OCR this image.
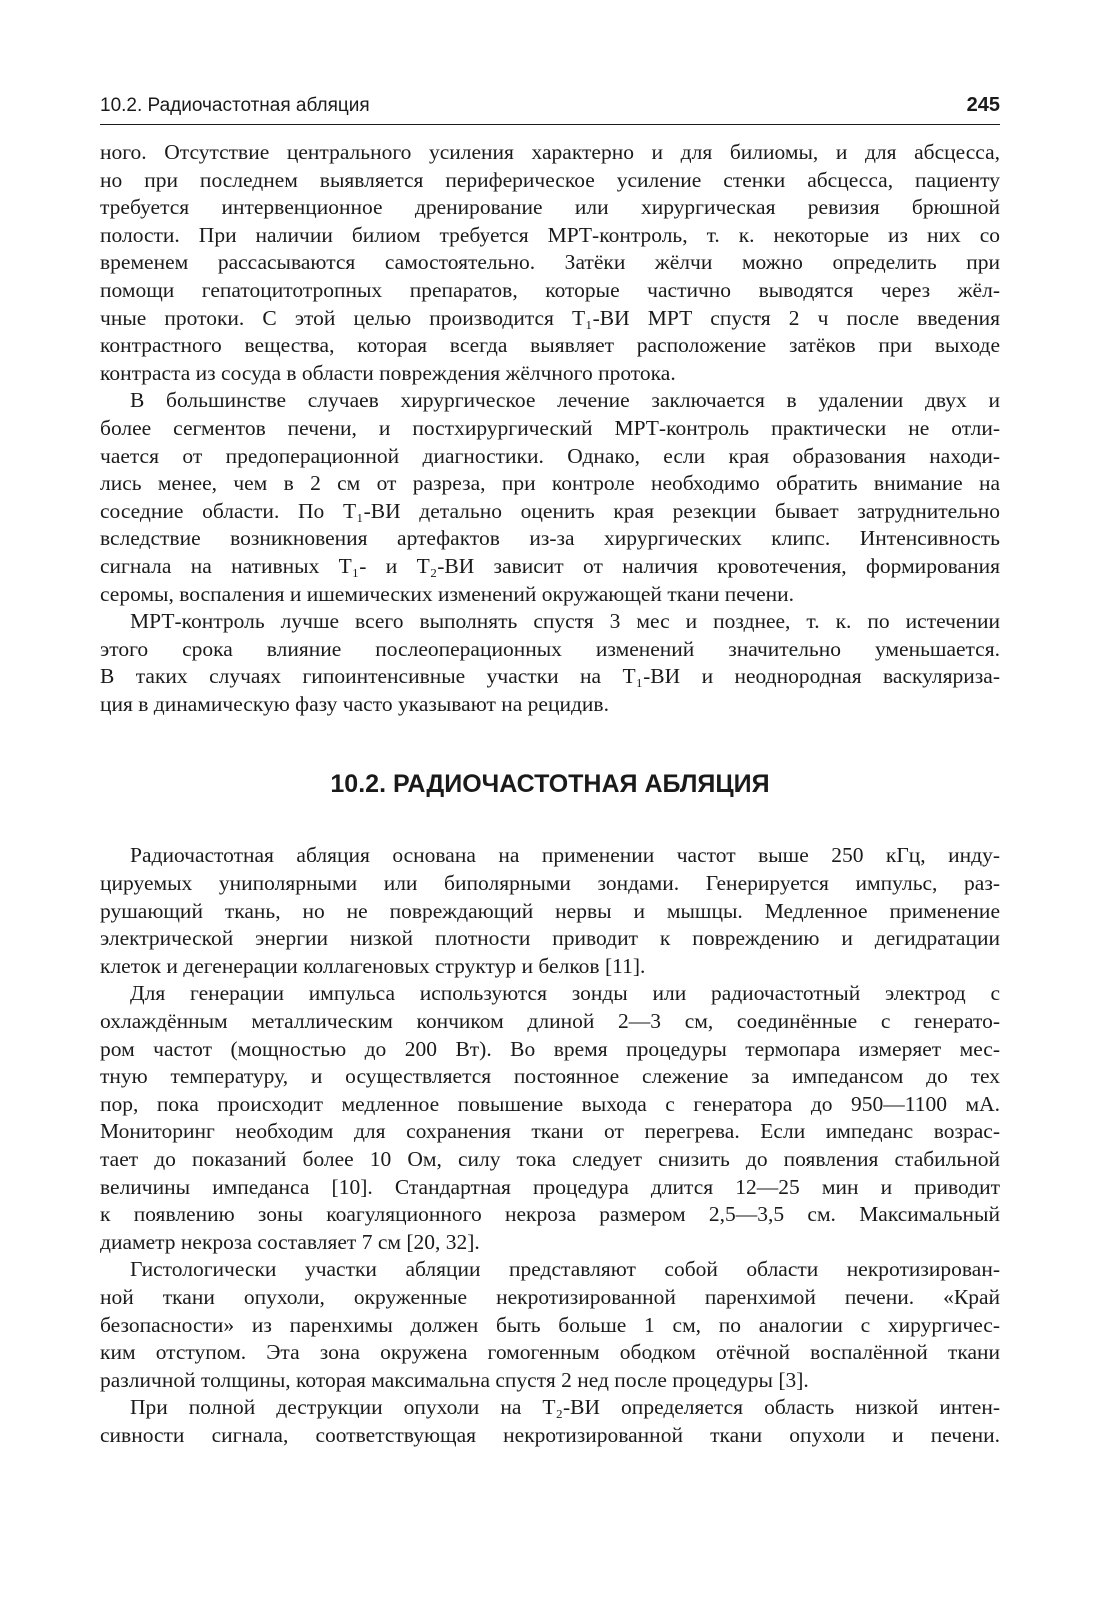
10.2. Радиочастотная абляция	245
ного. Отсутствие центрального усиления характерно и для билиомы, и для абсцесса,
но при последнем выявляется периферическое усиление стенки абсцесса, пациенту
требуется интервенционное дренирование или хирургическая ревизия брюшной
полости. При наличии билиом требуется МРТ-контроль, т. к. некоторые из них со
временем рассасываются самостоятельно. Затёки жёлчи можно определить при
помощи гепатоцитотропных препаратов, которые частично выводятся через жёл-
чные протоки. С этой целью производится T₁-ВИ МРТ спустя 2 ч после введения
контрастного вещества, которая всегда выявляет расположение затёков при выходе
контраста из сосуда в области повреждения жёлчного протока.
В большинстве случаев хирургическое лечение заключается в удалении двух и
более сегментов печени, и постхирургический МРТ-контроль практически не отли-
чается от предоперационной диагностики. Однако, если края образования находи-
лись менее, чем в 2 см от разреза, при контроле необходимо обратить внимание на
соседние области. По T₁-ВИ детально оценить края резекции бывает затруднительно
вследствие возникновения артефактов из-за хирургических клипс. Интенсивность
сигнала на нативных T₁- и T₂-ВИ зависит от наличия кровотечения, формирования
серомы, воспаления и ишемических изменений окружающей ткани печени.
МРТ-контроль лучше всего выполнять спустя 3 мес и позднее, т. к. по истечении
этого срока влияние послеоперационных изменений значительно уменьшается.
В таких случаях гипоинтенсивные участки на T₁-ВИ и неоднородная васкуляриза-
ция в динамическую фазу часто указывают на рецидив.
10.2. РАДИОЧАСТОТНАЯ АБЛЯЦИЯ
Радиочастотная абляция основана на применении частот выше 250 кГц, инду-
цируемых униполярными или биполярными зондами. Генерируется импульс, раз-
рушающий ткань, но не повреждающий нервы и мышцы. Медленное применение
электрической энергии низкой плотности приводит к повреждению и дегидратации
клеток и дегенерации коллагеновых структур и белков [11].
Для генерации импульса используются зонды или радиочастотный электрод с
охлаждённым металлическим кончиком длиной 2—3 см, соединённые с генерато-
ром частот (мощностью до 200 Вт). Во время процедуры термопара измеряет мес-
тную температуру, и осуществляется постоянное слежение за импедансом до тех
пор, пока происходит медленное повышение выхода с генератора до 950—1100 мА.
Мониторинг необходим для сохранения ткани от перегрева. Если импеданс возрас-
тает до показаний более 10 Ом, силу тока следует снизить до появления стабильной
величины импеданса [10]. Стандартная процедура длится 12—25 мин и приводит
к появлению зоны коагуляционного некроза размером 2,5—3,5 см. Максимальный
диаметр некроза составляет 7 см [20, 32].
Гистологически участки абляции представляют собой области некротизирован-
ной ткани опухоли, окруженные некротизированной паренхимой печени. «Край
безопасности» из паренхимы должен быть больше 1 см, по аналогии с хирургичес-
ким отступом. Эта зона окружена гомогенным ободком отёчной воспалённой ткани
различной толщины, которая максимальна спустя 2 нед после процедуры [3].
При полной деструкции опухоли на T₂-ВИ определяется область низкой интен-
сивности сигнала, соответствующая некротизированной ткани опухоли и печени.
